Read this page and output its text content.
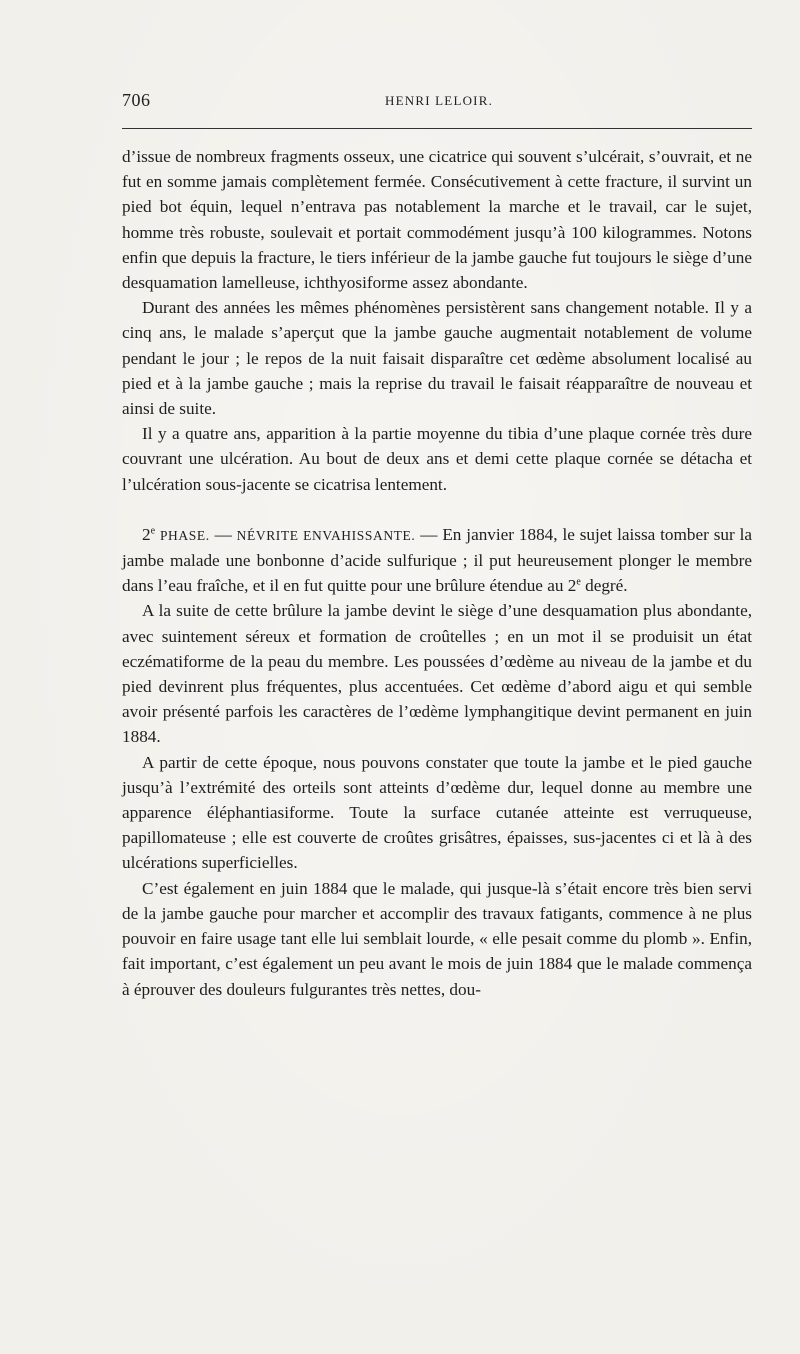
706	HENRI LELOIR.

d’issue de nombreux fragments osseux, une cicatrice qui souvent s’ulcérait, s’ouvrait, et ne fut en somme jamais complètement fermée. Consécutivement à cette fracture, il survint un pied bot équin, lequel n’entrava pas notablement la marche et le travail, car le sujet, homme très robuste, soulevait et portait commodément jusqu’à 100 kilogrammes. Notons enfin que depuis la fracture, le tiers inférieur de la jambe gauche fut toujours le siège d’une desquamation lamelleuse, ichthyosiforme assez abondante.

Durant des années les mêmes phénomènes persistèrent sans changement notable. Il y a cinq ans, le malade s’aperçut que la jambe gauche augmentait notablement de volume pendant le jour ; le repos de la nuit faisait disparaître cet œdème absolument localisé au pied et à la jambe gauche ; mais la reprise du travail le faisait réapparaître de nouveau et ainsi de suite.

Il y a quatre ans, apparition à la partie moyenne du tibia d’une plaque cornée très dure couvrant une ulcération. Au bout de deux ans et demi cette plaque cornée se détacha et l’ulcération sous-jacente se cicatrisa lentement.

2e PHASE. — NÉVRITE ENVAHISSANTE. — En janvier 1884, le sujet laissa tomber sur la jambe malade une bonbonne d’acide sulfurique ; il put heureusement plonger le membre dans l’eau fraîche, et il en fut quitte pour une brûlure étendue au 2e degré.

A la suite de cette brûlure la jambe devint le siège d’une desquamation plus abondante, avec suintement séreux et formation de croûtelles ; en un mot il se produisit un état eczématiforme de la peau du membre. Les poussées d’œdème au niveau de la jambe et du pied devinrent plus fréquentes, plus accentuées. Cet œdème d’abord aigu et qui semble avoir présenté parfois les caractères de l’œdème lymphangitique devint permanent en juin 1884.

A partir de cette époque, nous pouvons constater que toute la jambe et le pied gauche jusqu’à l’extrémité des orteils sont atteints d’œdème dur, lequel donne au membre une apparence éléphantiasiforme. Toute la surface cutanée atteinte est verruqueuse, papillomateuse ; elle est couverte de croûtes grisâtres, épaisses, sus-jacentes ci et là à des ulcérations superficielles.

C’est également en juin 1884 que le malade, qui jusque-là s’était encore très bien servi de la jambe gauche pour marcher et accomplir des travaux fatigants, commence à ne plus pouvoir en faire usage tant elle lui semblait lourde, « elle pesait comme du plomb ». Enfin, fait important, c’est également un peu avant le mois de juin 1884 que le malade commença à éprouver des douleurs fulgurantes très nettes, dou-
